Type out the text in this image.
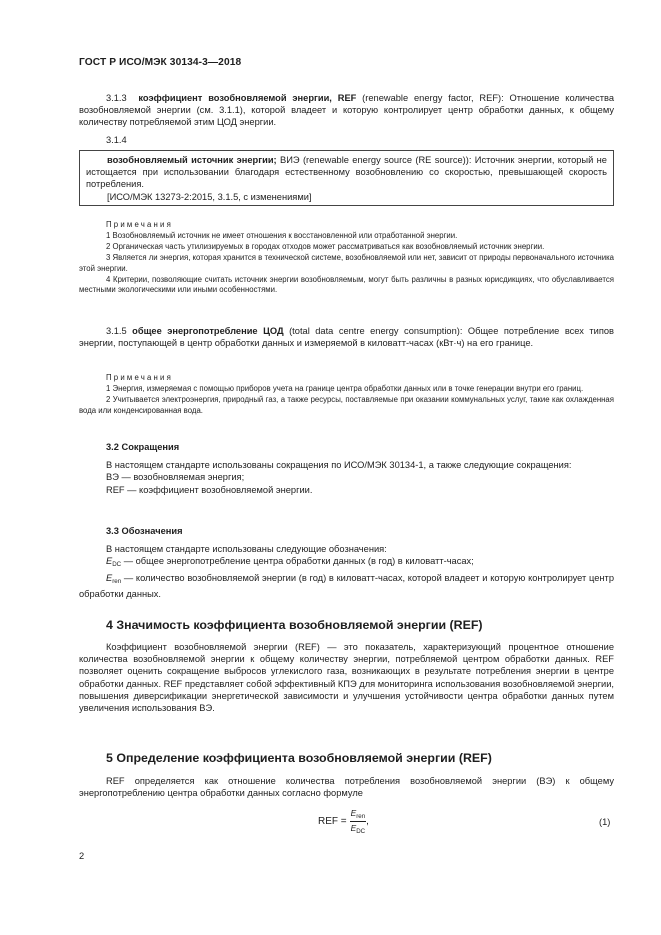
ГОСТ Р ИСО/МЭК 30134-3—2018

3.1.3 коэффициент возобновляемой энергии, REF (renewable energy factor, REF): Отношение количества возобновляемой энергии (см. 3.1.1), которой владеет и которую контролирует центр обработки данных, к общему количеству потребляемой этим ЦОД энергии.

3.1.4

возобновляемый источник энергии; ВИЭ (renewable energy source (RE source)): Источник энергии, который не истощается при использовании благодаря естественному возобновлению со скоростью, превышающей скорость потребления.

[ИСО/МЭК 13273-2:2015, 3.1.5, с изменениями]

Примечания

1 Возобновляемый источник не имеет отношения к восстановленной или отработанной энергии.

2 Органическая часть утилизируемых в городах отходов может рассматриваться как возобновляемый источник энергии.

3 Является ли энергия, которая хранится в технической системе, возобновляемой или нет, зависит от природы первоначального источника этой энергии.

4 Критерии, позволяющие считать источник энергии возобновляемым, могут быть различны в разных юрисдикциях, что обуславливается местными экологическими или иными особенностями.

3.1.5 общее энергопотребление ЦОД (total data centre energy consumption): Общее потребление всех типов энергии, поступающей в центр обработки данных и измеряемой в киловатт-часах (кВт·ч) на его границе.

Примечания

1 Энергия, измеряемая с помощью приборов учета на границе центра обработки данных или в точке генерации внутри его границ.

2 Учитывается электроэнергия, природный газ, а также ресурсы, поставляемые при оказании коммунальных услуг, такие как охлажденная вода или конденсированная вода.

3.2 Сокращения

В настоящем стандарте использованы сокращения по ИСО/МЭК 30134-1, а также следующие сокращения:

ВЭ — возобновляемая энергия;

REF — коэффициент возобновляемой энергии.

3.3 Обозначения

В настоящем стандарте использованы следующие обозначения:

$E_{DC}$ — общее энергопотребление центра обработки данных (в год) в киловатт-часах;

$E_{ren}$ — количество возобновляемой энергии (в год) в киловатт-часах, которой владеет и которую контролирует центр обработки данных.

4 Значимость коэффициента возобновляемой энергии (REF)

Коэффициент возобновляемой энергии (REF) — это показатель, характеризующий процентное отношение количества возобновляемой энергии к общему количеству энергии, потребляемой центром обработки данных. REF позволяет оценить сокращение выбросов углекислого газа, возникающих в результате потребления энергии в центре обработки данных. REF представляет собой эффективный КПЭ для мониторинга использования возобновляемой энергии, повышения диверсификации энергетической зависимости и улучшения устойчивости центра обработки данных путем увеличения использования ВЭ.

5 Определение коэффициента возобновляемой энергии (REF)

REF определяется как отношение количества потребления возобновляемой энергии (ВЭ) к общему энергопотреблению центра обработки данных согласно формуле

REF = $\frac{E_{ren}}{E_{DC}}$ ,	(1)
2
